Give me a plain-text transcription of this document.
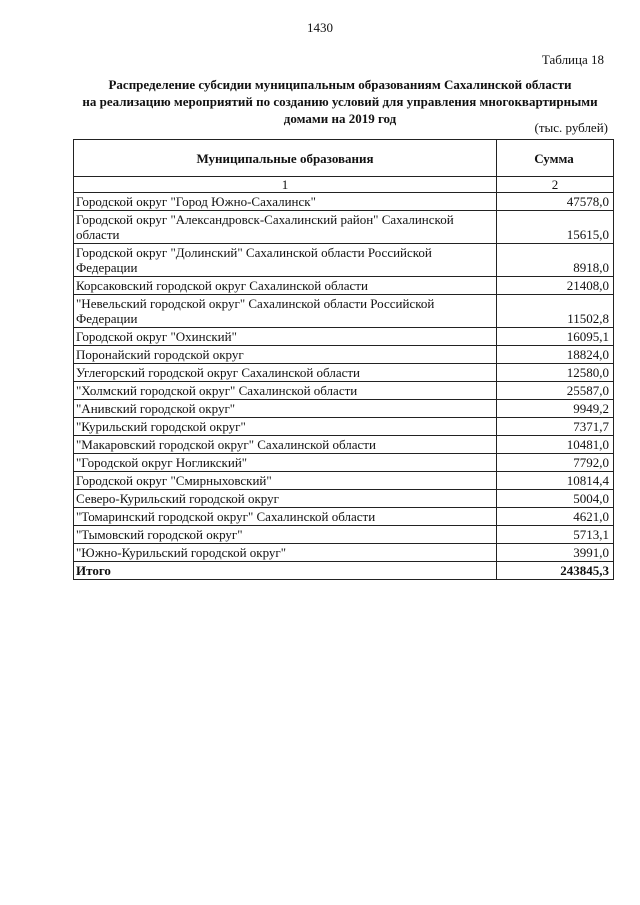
1430
Таблица 18
Распределение субсидии муниципальным образованиям Сахалинской области
на реализацию мероприятий по созданию условий для управления многоквартирными
домами на 2019 год
(тыс. рублей)
Муниципальные образования	Сумма
1	2
Городской округ "Город Южно-Сахалинск"	47578,0
Городской округ "Александровск-Сахалинский район" Сахалинской области	15615,0
Городской округ "Долинский" Сахалинской области Российской Федерации	8918,0
Корсаковский городской округ Сахалинской области	21408,0
"Невельский городской округ" Сахалинской области Российской Федерации	11502,8
Городской округ "Охинский"	16095,1
Поронайский городской округ	18824,0
Углегорский городской округ Сахалинской области	12580,0
"Холмский городской округ" Сахалинской области	25587,0
"Анивский городской округ"	9949,2
"Курильский городской округ"	7371,7
"Макаровский городской округ" Сахалинской области	10481,0
"Городской округ Ногликский"	7792,0
Городской округ "Смирныховский"	10814,4
Северо-Курильский городской округ	5004,0
"Томаринский городской округ" Сахалинской области	4621,0
"Тымовский городской округ"	5713,1
"Южно-Курильский городской округ"	3991,0
Итого	243845,3
